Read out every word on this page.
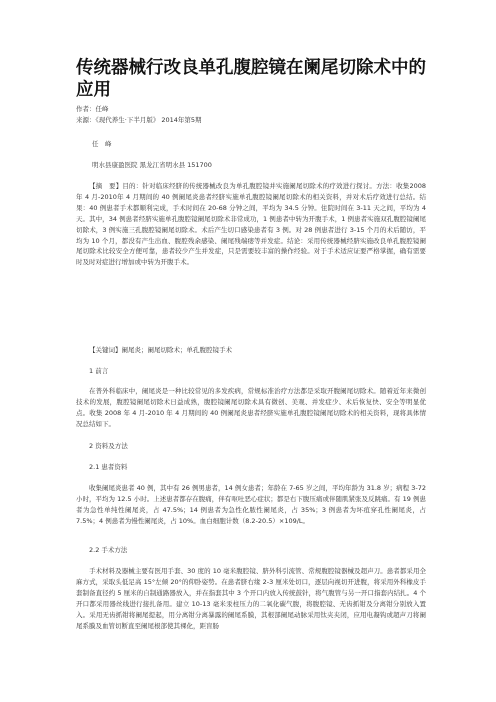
传统器械行改良单孔腹腔镜在阑尾切除术中的应用
作者：任峰
来源：《现代养生·下半月版》 2014年第5期
任　峰
明水县康盈医院 黑龙江省明水县 151700
【摘　要】目的：针对临床经脐的传统器械改良为单孔腹腔镜并实施阑尾切除术的疗效进行探讨。方法：收集2008 年 4 月-2010年 4 月期间的 40 例阑尾炎患者经脐实施单孔腹腔镜阑尾切除术的相关资料，并对术后疗效进行总结。结果：40 例患者手术都顺利完成，手术时间在 20-68 分钟之间，平均为 34.5 分钟。住院时间在 3-11 天之间，平均为 4 天。其中，34 例患者经脐实施单孔腹腔镜阑尾切除术非常成功，1 例患者中转为开腹手术，1 例患者实施双孔腹腔镜阑尾切除术，3 例实施三孔腹腔镜阑尾切除术。术后产生切口感染患者有 3 例。对 28 例患者进行 3-15 个月的术后随访，平均为 10 个月，都没有产生出血、腹腔残余感染、阑尾残端瘘等并发症。结论：采用传统器械经脐实施改良单孔腹腔镜阑尾切除术比较安全方便可靠，患者较少产生并发症，只是需要较丰富的操作经验。对于手术适应证要严格掌握，确有需要时及时对症进行增加或中转为开腹手术。
【关键词】阑尾炎；阑尾切除术；单孔腹腔镜手术
1 前言
在普外科临床中，阑尾炎是一种比较常见的多发疾病，常规标准治疗方法都是采取开腹阑尾切除术。随着近年来微创技术的发展，腹腔镜阑尾切除术日益成熟，腹腔镜阑尾切除术具有微创、美观、并发症少、术后恢复快、安全等明显优点。收集 2008 年 4 月-2010 年 4 月期间的 40 例阑尾炎患者经脐实施单孔腹腔镜阑尾切除术的相关资料，现将具体情况总结如下。
2 资料及方法
2.1 患者资料
收集阑尾炎患者 40 例，其中有 26 例男患者，14 例女患者；年龄在 7-65 岁之间，平均年龄为 31.8 岁；病程 3-72 小时，平均为 12.5 小时。上述患者都存在腹痛，伴有呕吐恶心症状；都是右下腹压痛或伴随肌紧张及反跳痛。有 19 例患者为急性单纯性阑尾炎，占 47.5%；14 例患者为急性化脓性阑尾炎，占 35%；3 例患者为坏疽穿孔性阑尾炎，占 7.5%；4 例患者为慢性阑尾炎，占 10%。血白细胞计数（8.2-20.5）×109/L。
2.2 手术方法
手术材料及器械主要有医用手套、30 度的 10 毫米腹腔镜、脐外科引流管、常规腹腔镜器械及超声刀。患者都采用全麻方式，采取头低足高 15°左倾 20°的仰卧姿势。在患者脐右缘 2-3 厘米处切口，逐层向视切开进腹，将采用外科橡皮手套制备直径约 5 厘米的自制通路器放入，并在指套其中 3 个开口内放入传统鼓针，将气腹管与另一开口指套内结扎。4 个开口都采用器丝线进行接扎备用。建立 10-13 毫米汞柱压力的二氧化碳气腹，将腹腔镜、无齿抓钳及分离钳分别放入置入。采用无齿抓钳将阑尾提起，用分离钳分离暴露的阑尾系膜，其根部阑尾动脉采用钛夹夹闭，应用电凝钩或超声刀将阑尾系膜及血管切断直至阑尾根部使其裸化，距盲肠
